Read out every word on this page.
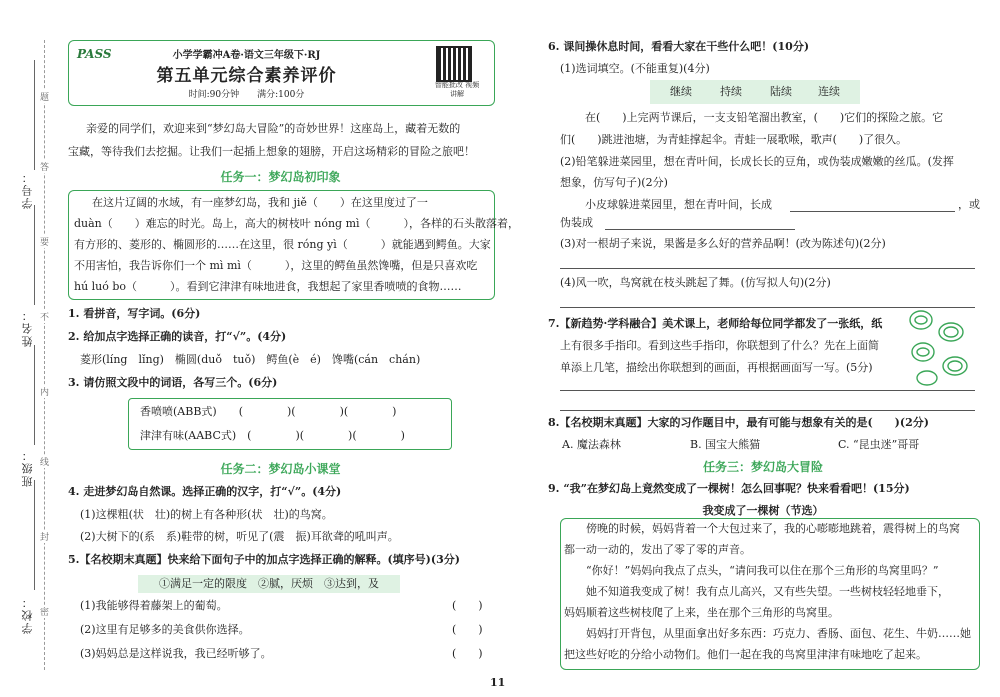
学号：
姓名：
班级：
学校：
题
答
要
不
内
线
封
密
PASS	小学学霸冲A卷·语文三年级下·RJ
第五单元综合素养评价
时间:90分钟　　满分:100分
智能批改 视频讲解
亲爱的同学们，欢迎来到“梦幻岛大冒险”的奇妙世界！这座岛上，藏着无数的
宝藏，等待我们去挖掘。让我们一起插上想象的翅膀，开启这场精彩的冒险之旅吧！
任务一：梦幻岛初印象
在这片辽阔的水域，有一座梦幻岛，我和 jiě（　　）在这里度过了一
duàn（　　）难忘的时光。岛上，高大的树枝叶 nóng mì（　　　），各样的石头散落着，
有方形的、菱形的、椭圆形的……在这里，很 róng yì（　　　）就能遇到鳄鱼。大家
不用害怕，我告诉你们一个 mì mì（　　　），这里的鳄鱼虽然馋嘴，但是只喜欢吃
hú luó bo（　　　）。看到它津津有味地进食，我想起了家里香喷喷的食物……
1. 看拼音，写字词。(6分)
2. 给加点字选择正确的读音，打“√”。(4分)
菱形(líng　lǐng)　椭圆(duǒ　tuǒ)　鳄鱼(è　é)　馋嘴(cán　chán)
3. 请仿照文段中的词语，各写三个。(6分)
香喷喷(ABB式)　　(　　　　)(　　　　)(　　　　)
津津有味(AABC式)　(　　　　)(　　　　)(　　　　)
任务二：梦幻岛小课堂
4. 走进梦幻岛自然课。选择正确的汉字，打“√”。(4分)
(1)这棵粗(状　壮)的树上有各种形(状　壮)的鸟窝。
(2)大树下的(系　系)鞋带的树，听见了(震　振)耳欲聋的吼叫声。
5.【名校期末真题】快来给下面句子中的加点字选择正确的解释。(填序号)(3分)
①满足一定的限度　②腻，厌烦　③达到，及
(1)我能够得着藤架上的葡萄。	(　　)
(2)这里有足够多的美食供你选择。	(　　)
(3)妈妈总是这样说我，我已经听够了。	(　　)
6. 课间操休息时间，看看大家在干些什么吧！(10分)
(1)选词填空。(不能重复)(4分)
继续	持续	陆续 连续
在(　　)上完两节课后，一支支铅笔溜出教室，(　　)它们的探险之旅。它
们(　　)跳进池塘，为青蛙撑起伞。青蛙一展歌喉，歌声(　　)了很久。
(2)铅笔躲进菜园里，想在青叶间，长成长长的豆角，或伪装成嫩嫩的丝瓜。(发挥
想象，仿写句子)(2分)
小皮球躲进菜园里，想在青叶间，长成	，或
伪装成
(3)对一根胡子来说，果酱是多么好的营养品啊！(改为陈述句)(2分)
(4)风一吹，鸟窝就在枝头跳起了舞。(仿写拟人句)(2分)
7.【新趋势·学科融合】美术课上，老师给每位同学都发了一张纸，纸
上有很多手指印。看到这些手指印，你联想到了什么？先在上面简
单添上几笔，描绘出你联想到的画面，再根据画面写一写。(5分)
8.【名校期末真题】大家的习作题目中，最有可能与想象有关的是(　　)(2分)
A. 魔法森林	B. 国宝大熊猫	C. “昆虫迷”哥哥
任务三：梦幻岛大冒险
9. “我”在梦幻岛上竟然变成了一棵树！怎么回事呢？快来看看吧！(15分)
我变成了一棵树（节选）
傍晚的时候，妈妈背着一个大包过来了，我的心嘭嘭地跳着，震得树上的鸟窝
都一动一动的，发出了零了零的声音。
“你好！”妈妈向我点了点头，“请问我可以住在那个三角形的鸟窝里吗？”
她不知道我变成了树！我有点儿高兴，又有些失望。一些树枝轻轻地垂下，
妈妈顺着这些树枝爬了上来，坐在那个三角形的鸟窝里。
妈妈打开背包，从里面拿出好多东西：巧克力、香肠、面包、花生、牛奶……她
把这些好吃的分给小动物们。他们一起在我的鸟窝里津津有味地吃了起来。
11
